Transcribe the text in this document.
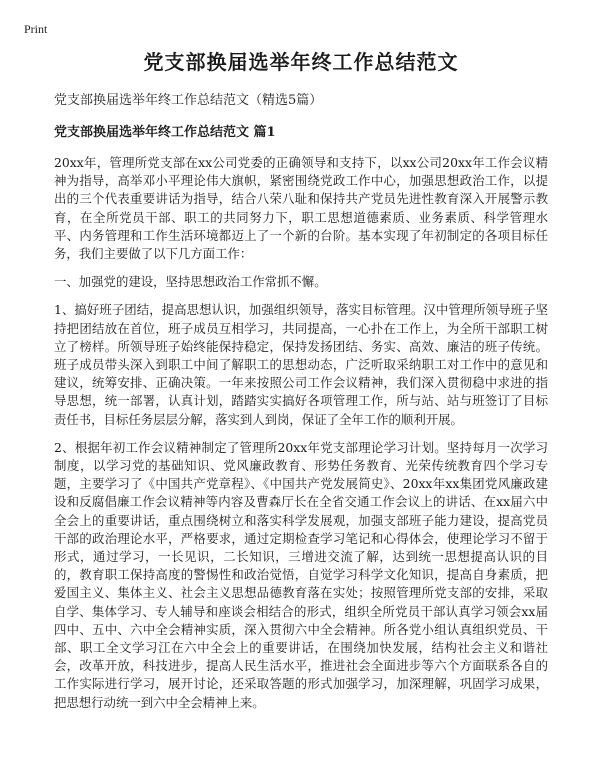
Print
党支部换届选举年终工作总结范文
党支部换届选举年终工作总结范文（精选5篇）
党支部换届选举年终工作总结范文 篇1

20xx年，管理所党支部在xx公司党委的正确领导和支持下，以xx公司20xx年工作会议精神为指导，高举邓小平理论伟大旗帜，紧密围绕党政工作中心，加强思想政治工作，以提出的三个代表重要讲话为指导，结合八荣八耻和保持共产党员先进性教育深入开展警示教育，在全所党员干部、职工的共同努力下，职工思想道德素质、业务素质、科学管理水平、内务管理和工作生活环境都迈上了一个新的台阶。基本实现了年初制定的各项目标任务，我们主要做了以下几方面工作：

一、加强党的建设，坚持思想政治工作常抓不懈。

1、搞好班子团结，提高思想认识，加强组织领导，落实目标管理。汉中管理所领导班子坚持把团结放在首位，班子成员互相学习，共同提高，一心扑在工作上，为全所干部职工树立了榜样。所领导班子始终能保持稳定，保持发扬团结、务实、高效、廉洁的班子传统。班子成员带头深入到职工中间了解职工的思想动态，广泛听取采纳职工对工作中的意见和建议，统筹安排、正确决策。一年来按照公司工作会议精神，我们深入贯彻稳中求进的指导思想，统一部署，认真计划，踏踏实实搞好各项管理工作，所与站、站与班签订了目标责任书，目标任务层层分解，落实到人到岗，保证了全年工作的顺利开展。

2、根据年初工作会议精神制定了管理所20xx年党支部理论学习计划。坚持每月一次学习制度，以学习党的基础知识、党风廉政教育、形势任务教育、光荣传统教育四个学习专题，主要学习了《中国共产党章程》、《中国共产党发展简史》、20xx年xx集团党风廉政建设和反腐倡廉工作会议精神等内容及曹森厅长在全省交通工作会议上的讲话、在xx届六中全会上的重要讲话，重点围绕树立和落实科学发展观，加强支部班子能力建设，提高党员干部的政治理论水平，严格要求，通过定期检查学习笔记和心得体会，使理论学习不留于形式，通过学习，一长见识，二长知识，三增进交流了解，达到统一思想提高认识的目的，教育职工保持高度的警惕性和政治觉悟，自觉学习科学文化知识，提高自身素质，把爱国主义、集体主义、社会主义思想品德教育落在实处；按照管理所党支部的安排，采取自学、集体学习、专人辅导和座谈会相结合的形式，组织全所党员干部认真学习领会xx届四中、五中、六中全会精神实质，深入贯彻六中全会精神。所各党小组认真组织党员、干部、职工全文学习江在六中全会上的重要讲话，在围绕加快发展，结构社会主义和谐社会，改革开放，科技进步，提高人民生活水平，推进社会全面进步等六个方面联系各自的工作实际进行学习，展开讨论，还采取答题的形式加强学习，加深理解，巩固学习成果，把思想行动统一到六中全会精神上来。
